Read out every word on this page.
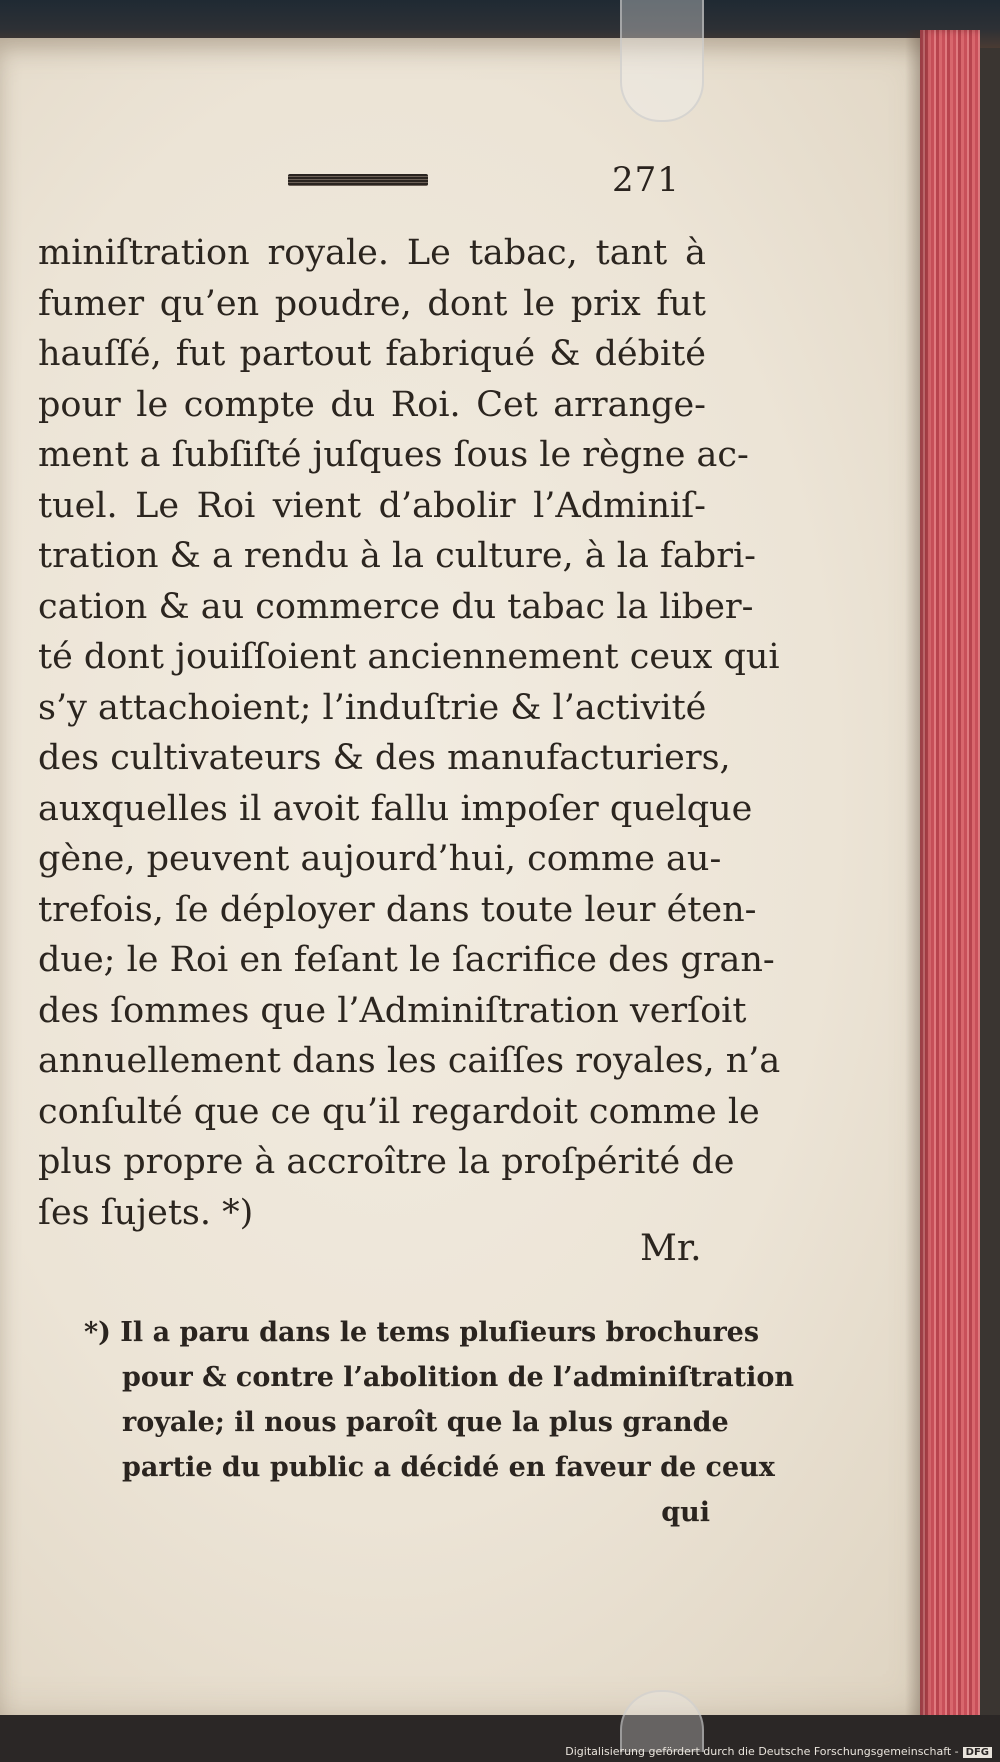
271
miniſtration royale. Le tabac, tant à
fumer qu’en poudre, dont le prix fut
hauſſé, fut partout fabriqué & débité
pour le compte du Roi. Cet arrange-
ment a ſubſiſté juſques ſous le règne ac-
tuel. Le Roi vient d’abolir l’Adminiſ-
tration & a rendu à la culture, à la fabri-
cation & au commerce du tabac la liber-
té dont jouiſſoient anciennement ceux qui
s’y attachoient; l’induſtrie & l’activité
des cultivateurs & des manufacturiers,
auxquelles il avoit fallu impoſer quelque
gène, peuvent aujourd’hui, comme au-
trefois, ſe déployer dans toute leur éten-
due; le Roi en feſant le ſacrifice des gran-
des ſommes que l’Adminiſtration verſoit
annuellement dans les caiſſes royales, n’a
conſulté que ce qu’il regardoit comme le
plus propre à accroître la proſpérité de
ſes ſujets. *)
Mr.
*) Il a paru dans le tems pluſieurs brochures
pour & contre l’abolition de l’adminiſtration
royale; il nous paroît que la plus grande
partie du public a décidé en faveur de ceux
qui
Digitalisierung gefördert durch die Deutsche Forschungsgemeinschaft - DFG
